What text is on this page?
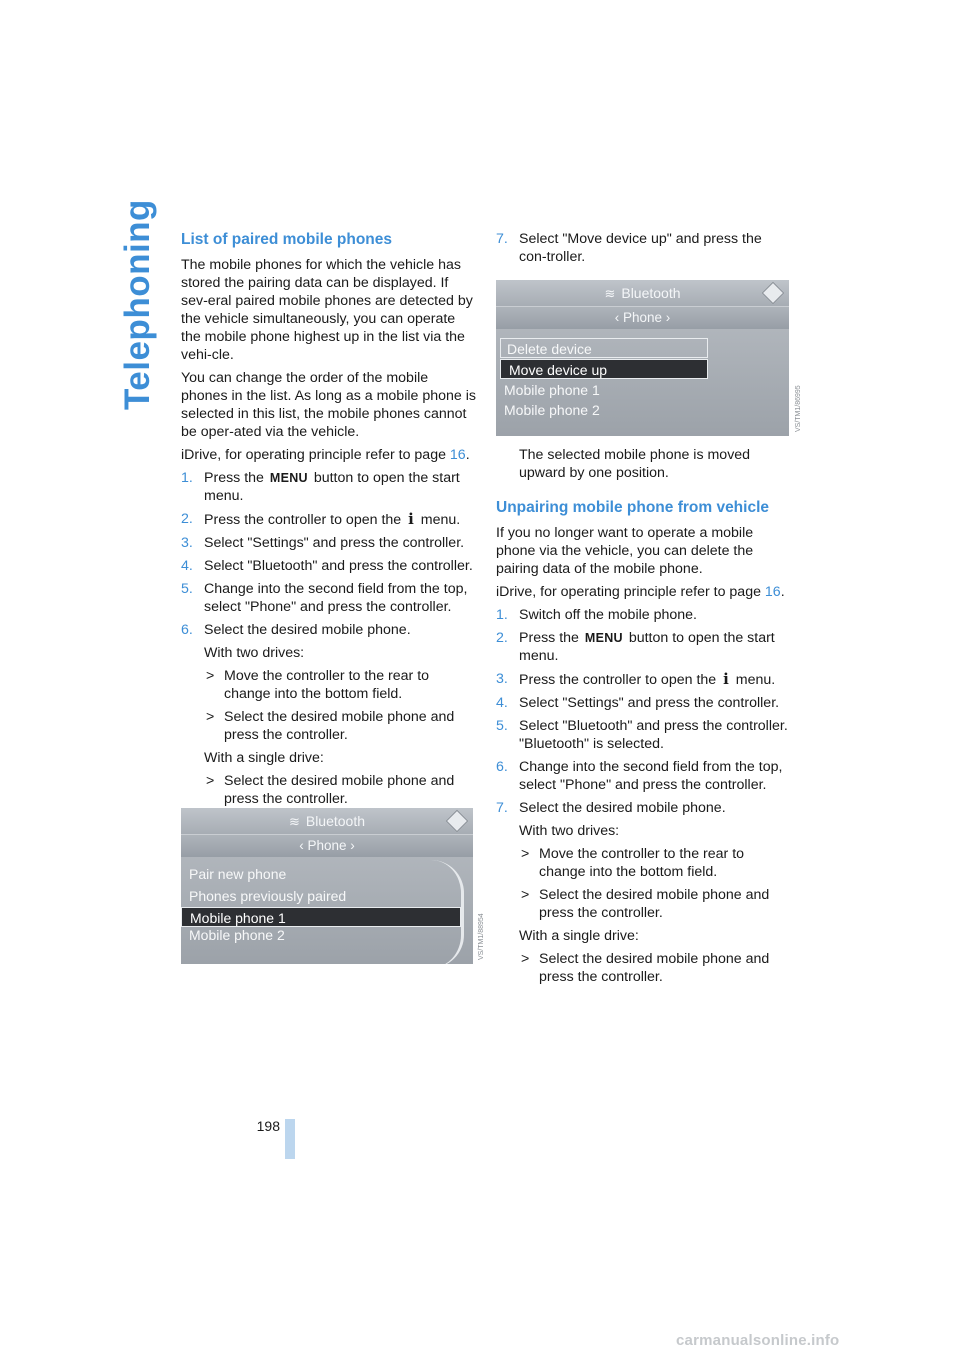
Telephoning List of paired mobile phones

The mobile phones for which the vehicle has stored the pairing data can be displayed. If sev-eral paired mobile phones are detected by the vehicle simultaneously, you can operate the mobile phone highest up in the list via the vehi-cle.

You can change the order of the mobile phones in the list. As long as a mobile phone is selected in this list, the mobile phones cannot be oper-ated via the vehicle.

iDrive, for operating principle refer to page 16.

1. Press the MENU button to open the start menu.
2. Press the controller to open the i menu.
3. Select "Settings" and press the controller.
4. Select "Bluetooth" and press the controller.
5. Change into the second field from the top, select "Phone" and press the controller.
6. Select the desired mobile phone.
With two drives:
> Move the controller to the rear to change into the bottom field.
> Select the desired mobile phone and press the controller.
With a single drive:
> Select the desired mobile phone and press the controller.
≋ Bluetooth
‹ Phone ›
Pair new phone
Phones previously paired
Mobile phone 1
Mobile phone 2	VS/TM1/88954
7. Select "Move device up" and press the con-troller.
≋ Bluetooth
‹ Phone ›
Delete device
Move device up
Mobile phone 1
Mobile phone 2	VS/TM1/86995

The selected mobile phone is moved upward by one position.

Unpairing mobile phone from vehicle

If you no longer want to operate a mobile phone via the vehicle, you can delete the pairing data of the mobile phone.

iDrive, for operating principle refer to page 16.

1. Switch off the mobile phone.
2. Press the MENU button to open the start menu.
3. Press the controller to open the i menu.
4. Select "Settings" and press the controller.
5. Select "Bluetooth" and press the controller. "Bluetooth" is selected.
6. Change into the second field from the top, select "Phone" and press the controller.
7. Select the desired mobile phone.
With two drives:
> Move the controller to the rear to change into the bottom field.
> Select the desired mobile phone and press the controller.
With a single drive:
> Select the desired mobile phone and press the controller.
198
carmanualsonline.info
